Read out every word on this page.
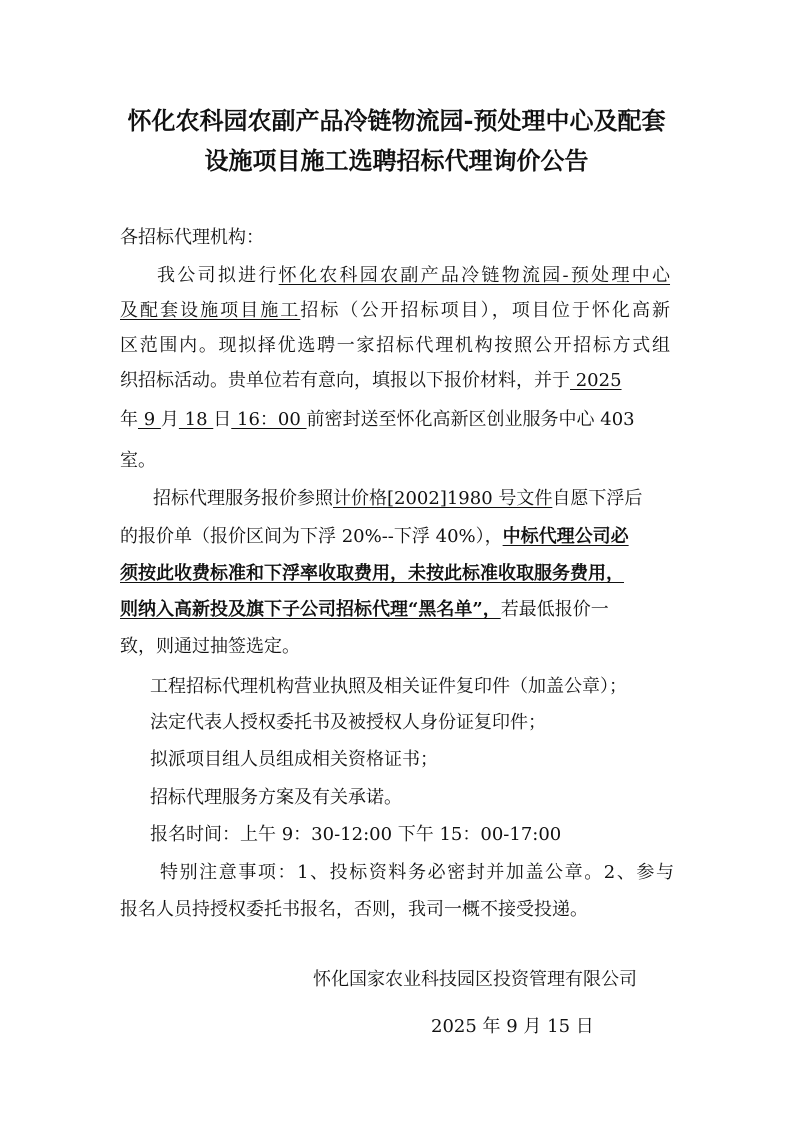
怀化农科园农副产品冷链物流园-预处理中心及配套
设施项目施工选聘招标代理询价公告
各招标代理机构：
我公司拟进行怀化农科园农副产品冷链物流园-预处理中心
及配套设施项目施工招标（公开招标项目），项目位于怀化高新
区范围内。现拟择优选聘一家招标代理机构按照公开招标方式组
织招标活动。贵单位若有意向，填报以下报价材料，并于 2025
年 9 月 18 日 16：00 前密封送至怀化高新区创业服务中心 403
室。
招标代理服务报价参照计价格[2002]1980 号文件自愿下浮后
的报价单（报价区间为下浮 20%--下浮 40%），中标代理公司必
须按此收费标准和下浮率收取费用，未按此标准收取服务费用，
则纳入高新投及旗下子公司招标代理“黑名单”，若最低报价一
致，则通过抽签选定。
工程招标代理机构营业执照及相关证件复印件（加盖公章）；
法定代表人授权委托书及被授权人身份证复印件；
拟派项目组人员组成相关资格证书；
招标代理服务方案及有关承诺。
报名时间：上午 9：30-12:00 下午 15：00-17:00
特别注意事项：1、投标资料务必密封并加盖公章。2、参与
报名人员持授权委托书报名，否则，我司一概不接受投递。
怀化国家农业科技园区投资管理有限公司
2025 年 9 月 15 日
